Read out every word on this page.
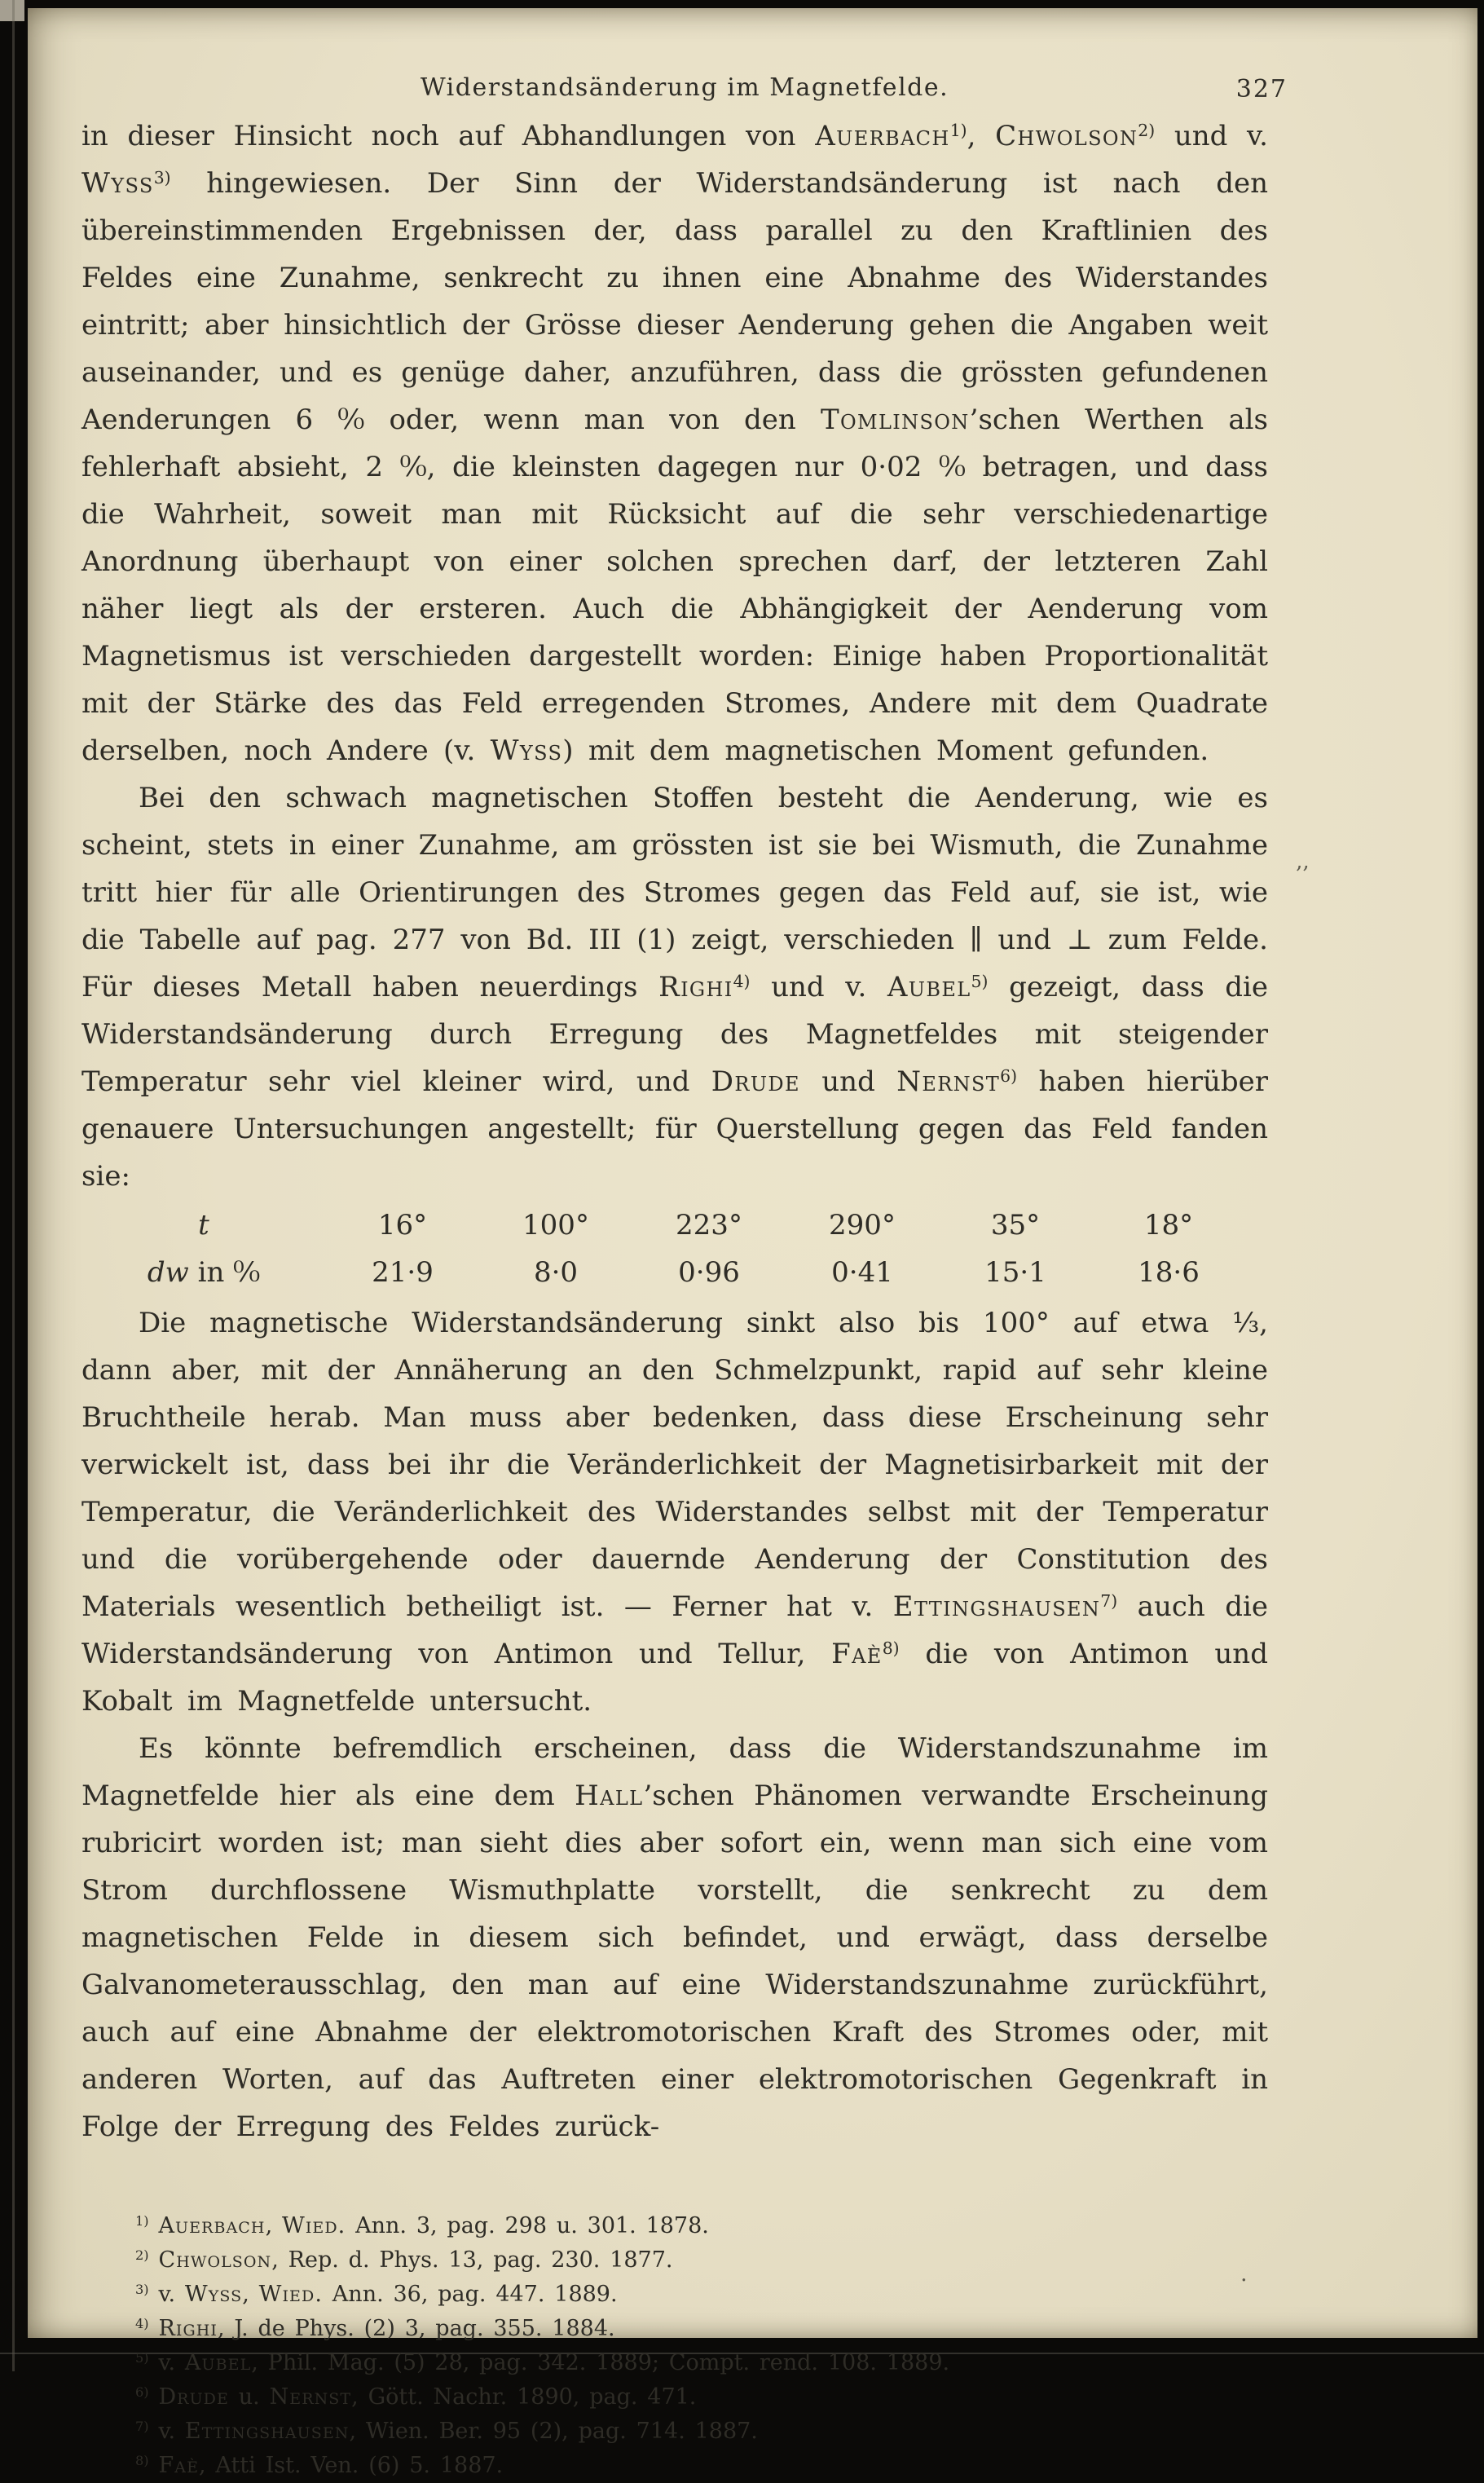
Widerstandsänderung im Magnetfelde.	327

in dieser Hinsicht noch auf Abhandlungen von Auerbach$^{1)}$, Chwolson$^{2)}$ und v. Wyss$^{3)}$ hingewiesen. Der Sinn der Widerstandsänderung ist nach den übereinstimmenden Ergebnissen der, dass parallel zu den Kraftlinien des Feldes eine Zunahme, senkrecht zu ihnen eine Abnahme des Widerstandes eintritt; aber hinsichtlich der Grösse dieser Aenderung gehen die Angaben weit auseinander, und es genüge daher, anzuführen, dass die grössten gefundenen Aenderungen 6 ⁰⁄₀ oder, wenn man von den Tomlinson’schen Werthen als fehlerhaft absieht, 2 ⁰⁄₀, die kleinsten dagegen nur 0·02 ⁰⁄₀ betragen, und dass die Wahrheit, soweit man mit Rücksicht auf die sehr verschiedenartige Anordnung überhaupt von einer solchen sprechen darf, der letzteren Zahl näher liegt als der ersteren. Auch die Abhängigkeit der Aenderung vom Magnetismus ist verschieden dargestellt worden: Einige haben Proportionalität mit der Stärke des das Feld erregenden Stromes, Andere mit dem Quadrate derselben, noch Andere (v. Wyss) mit dem magnetischen Moment gefunden.

Bei den schwach magnetischen Stoffen besteht die Aenderung, wie es scheint, stets in einer Zunahme, am grössten ist sie bei Wismuth, die Zunahme tritt hier für alle Orientirungen des Stromes gegen das Feld auf, sie ist, wie die Tabelle auf pag. 277 von Bd. III (1) zeigt, verschieden ∥ und ⊥ zum Felde. Für dieses Metall haben neuerdings Righi$^{4)}$ und v. Aubel$^{5)}$ gezeigt, dass die Widerstandsänderung durch Erregung des Magnetfeldes mit steigender Temperatur sehr viel kleiner wird, und Drude und Nernst$^{6)}$ haben hierüber genauere Untersuchungen angestellt; für Querstellung gegen das Feld fanden sie:

t	16°	100°	223°	290°	35°	18°
dw in ⁰⁄₀	21·9	8·0	0·96	0·41	15·1	18·6

Die magnetische Widerstandsänderung sinkt also bis 100° auf etwa ⅓, dann aber, mit der Annäherung an den Schmelzpunkt, rapid auf sehr kleine Bruchtheile herab. Man muss aber bedenken, dass diese Erscheinung sehr verwickelt ist, dass bei ihr die Veränderlichkeit der Magnetisirbarkeit mit der Temperatur, die Veränderlichkeit des Widerstandes selbst mit der Temperatur und die vorübergehende oder dauernde Aenderung der Constitution des Materials wesentlich betheiligt ist. — Ferner hat v. Ettingshausen$^{7)}$ auch die Widerstandsänderung von Antimon und Tellur, Faè$^{8)}$ die von Antimon und Kobalt im Magnetfelde untersucht.

Es könnte befremdlich erscheinen, dass die Widerstandszunahme im Magnetfelde hier als eine dem Hall’schen Phänomen verwandte Erscheinung rubricirt worden ist; man sieht dies aber sofort ein, wenn man sich eine vom Strom durchflossene Wismuthplatte vorstellt, die senkrecht zu dem magnetischen Felde in diesem sich befindet, und erwägt, dass derselbe Galvanometerausschlag, den man auf eine Widerstandszunahme zurückführt, auch auf eine Abnahme der elektromotorischen Kraft des Stromes oder, mit anderen Worten, auf das Auftreten einer elektromotorischen Gegenkraft in Folge der Erregung des Feldes zurück-

$^{1)}$ Auerbach, Wied. Ann. 3, pag. 298 u. 301. 1878.
$^{2)}$ Chwolson, Rep. d. Phys. 13, pag. 230. 1877.
$^{3)}$ v. Wyss, Wied. Ann. 36, pag. 447. 1889.
$^{4)}$ Righi, J. de Phys. (2) 3, pag. 355. 1884.
$^{5)}$ v. Aubel, Phil. Mag. (5) 28, pag. 342. 1889; Compt. rend. 108. 1889.
$^{6)}$ Drude u. Nernst, Gött. Nachr. 1890, pag. 471.
$^{7)}$ v. Ettingshausen, Wien. Ber. 95 (2), pag. 714. 1887.
$^{8)}$ Faè, Atti Ist. Ven. (6) 5. 1887.
‚‚
.
